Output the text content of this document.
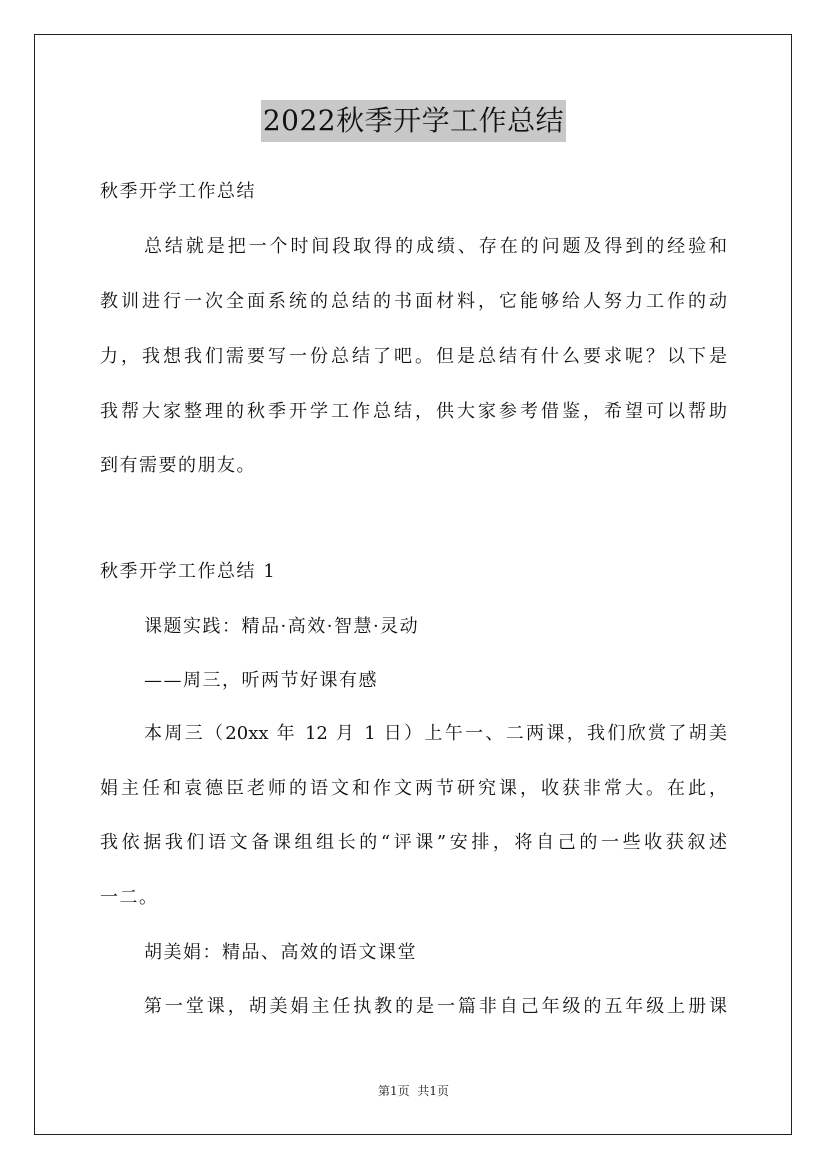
2022秋季开学工作总结
秋季开学工作总结
总结就是把一个时间段取得的成绩、存在的问题及得到的经验和
教训进行一次全面系统的总结的书面材料，它能够给人努力工作的动
力，我想我们需要写一份总结了吧。但是总结有什么要求呢？以下是
我帮大家整理的秋季开学工作总结，供大家参考借鉴，希望可以帮助
到有需要的朋友。
秋季开学工作总结 1
课题实践：精品·高效·智慧·灵动
——周三，听两节好课有感
本周三（20xx 年 12 月 1 日）上午一、二两课，我们欣赏了胡美
娟主任和袁德臣老师的语文和作文两节研究课，收获非常大。在此，
我依据我们语文备课组组长的“评课”安排，将自己的一些收获叙述
一二。
胡美娟：精品、高效的语文课堂
第一堂课，胡美娟主任执教的是一篇非自己年级的五年级上册课
第1页 共1页
